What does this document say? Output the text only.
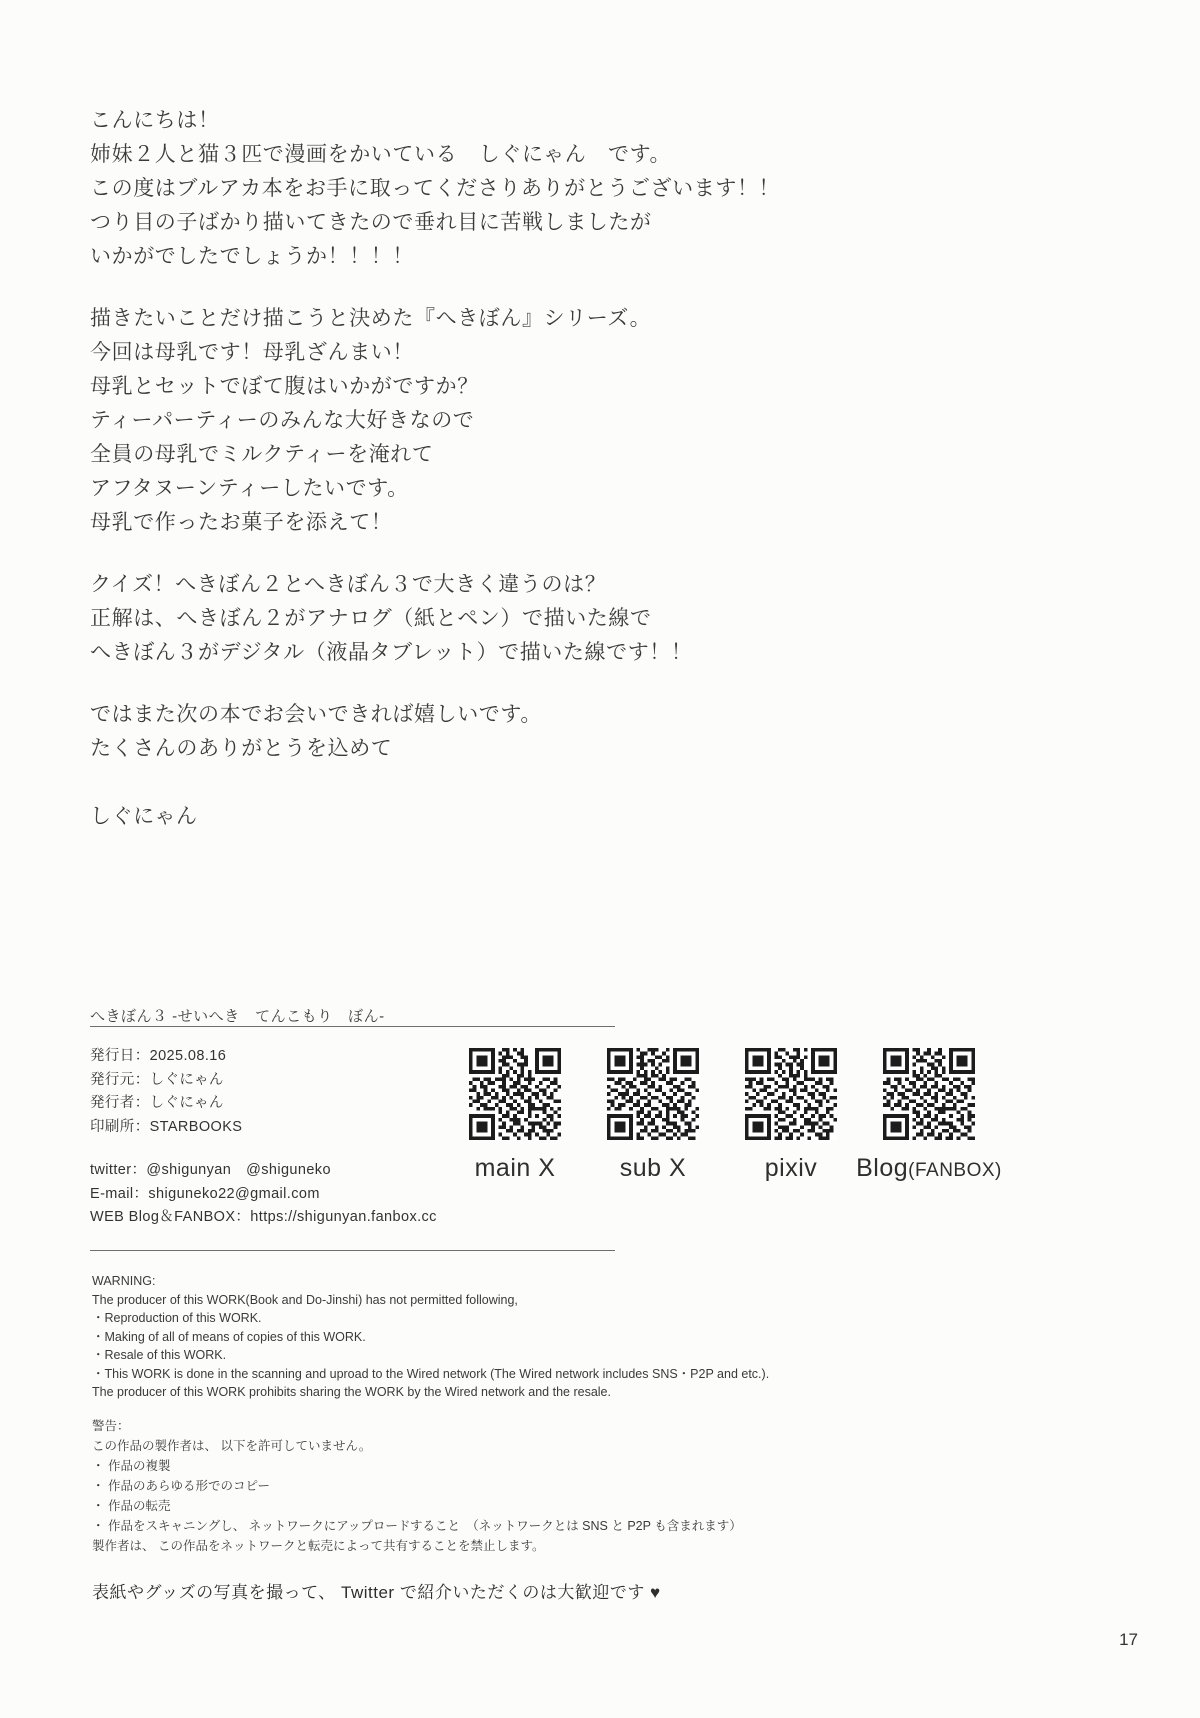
こんにちは！
姉妹２人と猫３匹で漫画をかいている　しぐにゃん　です。
この度はブルアカ本をお手に取ってくださりありがとうございます！！
つり目の子ばかり描いてきたので垂れ目に苦戦しましたが
いかがでしたでしょうか！！！！

描きたいことだけ描こうと決めた『へきぼん』シリーズ。
今回は母乳です！母乳ざんまい！
母乳とセットでぼて腹はいかがですか？
ティーパーティーのみんな大好きなので
全員の母乳でミルクティーを淹れて
アフタヌーンティーしたいです。
母乳で作ったお菓子を添えて！

クイズ！へきぼん２とへきぼん３で大きく違うのは？
正解は、へきぼん２がアナログ（紙とペン）で描いた線で
へきぼん３がデジタル（液晶タブレット）で描いた線です！！

ではまた次の本でお会いできれば嬉しいです。
たくさんのありがとうを込めて

しぐにゃん
へきぼん３ -せいへき　てんこもり　ぼん-
発行日：2025.08.16
発行元：しぐにゃん
発行者：しぐにゃん
印刷所：STARBOOKS
twitter：@shigunyan　@shiguneko
E-mail：shiguneko22@gmail.com
WEB Blog＆FANBOX：https://shigunyan.fanbox.cc
main X	sub X	pixiv	Blog(FANBOX)
WARNING:
The producer of this WORK(Book and Do-Jinshi) has not permitted following,
・Reproduction of this WORK.
・Making of all of means of copies of this WORK.
・Resale of this WORK.
・This WORK is done in the scanning and uproad to the Wired network (The Wired network includes SNS・P2P and etc.).
The producer of this WORK prohibits sharing the WORK by the Wired network and the resale.
警告：
この作品の製作者は、 以下を許可していません。
・ 作品の複製
・ 作品のあらゆる形でのコピー
・ 作品の転売
・ 作品をスキャニングし、 ネットワークにアップロードすること　（ネットワークとは SNS と P2P も含まれます）
製作者は、 この作品をネットワークと転売によって共有することを禁止します。
表紙やグッズの写真を撮って、 Twitter で紹介いただくのは大歓迎です ♥
17
